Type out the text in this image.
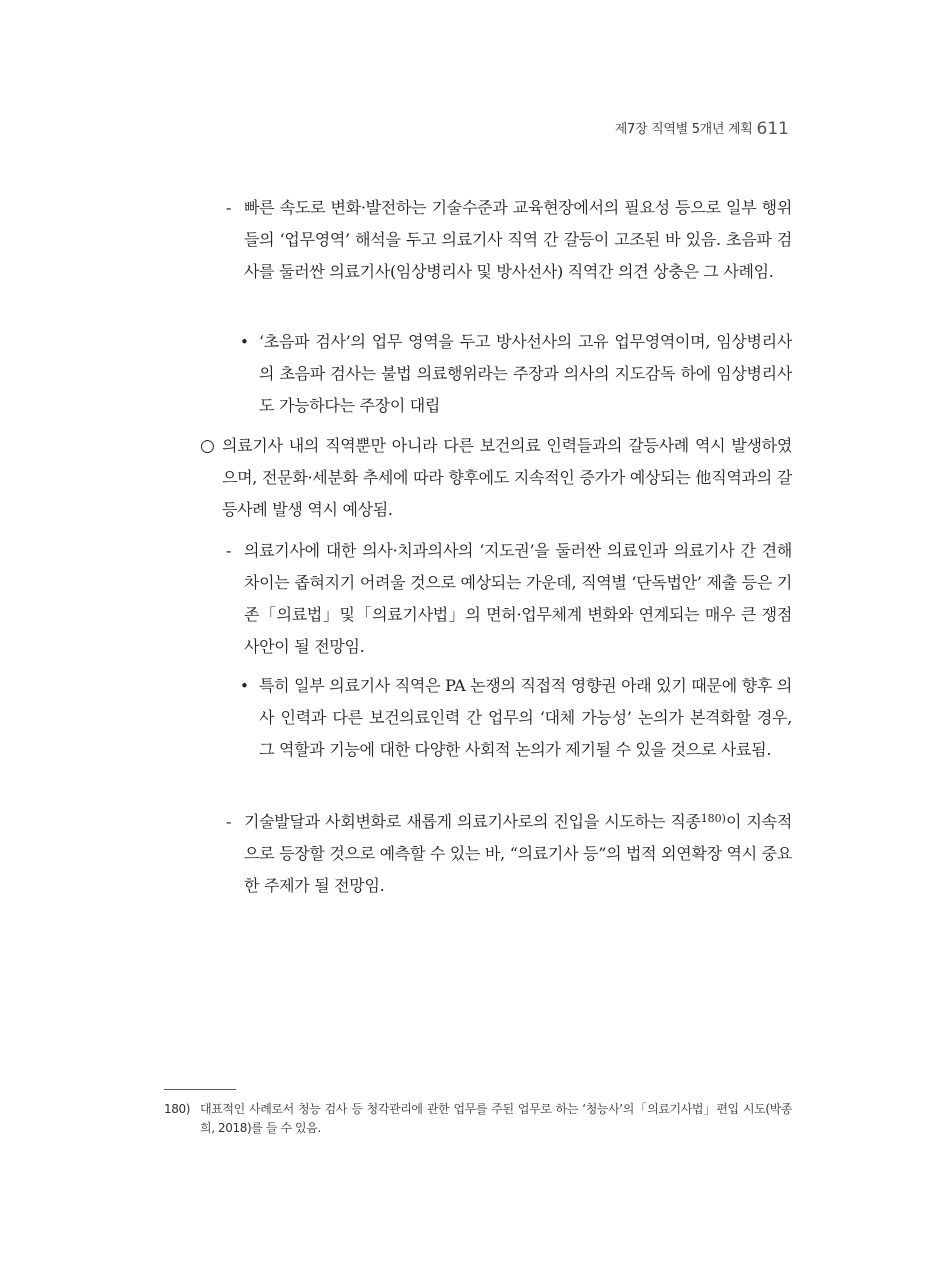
제7장 직역별 5개년 계획 611
- 빠른 속도로 변화·발전하는 기술수준과 교육현장에서의 필요성 등으로 일부 행위들의 ‘업무영역’ 해석을 두고 의료기사 직역 간 갈등이 고조된 바 있음. 초음파 검사를 둘러싼 의료기사(임상병리사 및 방사선사) 직역간 의견 상충은 그 사례임.
• ‘초음파 검사’의 업무 영역을 두고 방사선사의 고유 업무영역이며, 임상병리사의 초음파 검사는 불법 의료행위라는 주장과 의사의 지도감독 하에 임상병리사도 가능하다는 주장이 대립
○ 의료기사 내의 직역뿐만 아니라 다른 보건의료 인력들과의 갈등사례 역시 발생하였으며, 전문화·세분화 추세에 따라 향후에도 지속적인 증가가 예상되는 他직역과의 갈등사례 발생 역시 예상됨.
- 의료기사에 대한 의사·치과의사의 ‘지도권’을 둘러싼 의료인과 의료기사 간 견해 차이는 좁혀지기 어려울 것으로 예상되는 가운데, 직역별 ‘단독법안’ 제출 등은 기존「의료법」및「의료기사법」의 면허·업무체계 변화와 연계되는 매우 큰 쟁점사안이 될 전망임.
• 특히 일부 의료기사 직역은 PA 논쟁의 직접적 영향권 아래 있기 때문에 향후 의사 인력과 다른 보건의료인력 간 업무의 ‘대체 가능성’ 논의가 본격화할 경우, 그 역할과 기능에 대한 다양한 사회적 논의가 제기될 수 있을 것으로 사료됨.
- 기술발달과 사회변화로 새롭게 의료기사로의 진입을 시도하는 직종$^{180)}$이 지속적으로 등장할 것으로 예측할 수 있는 바, “의료기사 등”의 법적 외연확장 역시 중요한 주제가 될 전망임.
180) 대표적인 사례로서 청능 검사 등 청각관리에 관한 업무를 주된 업무로 하는 ‘청능사’의「의료기사법」편입 시도(박종희, 2018)를 들 수 있음.
